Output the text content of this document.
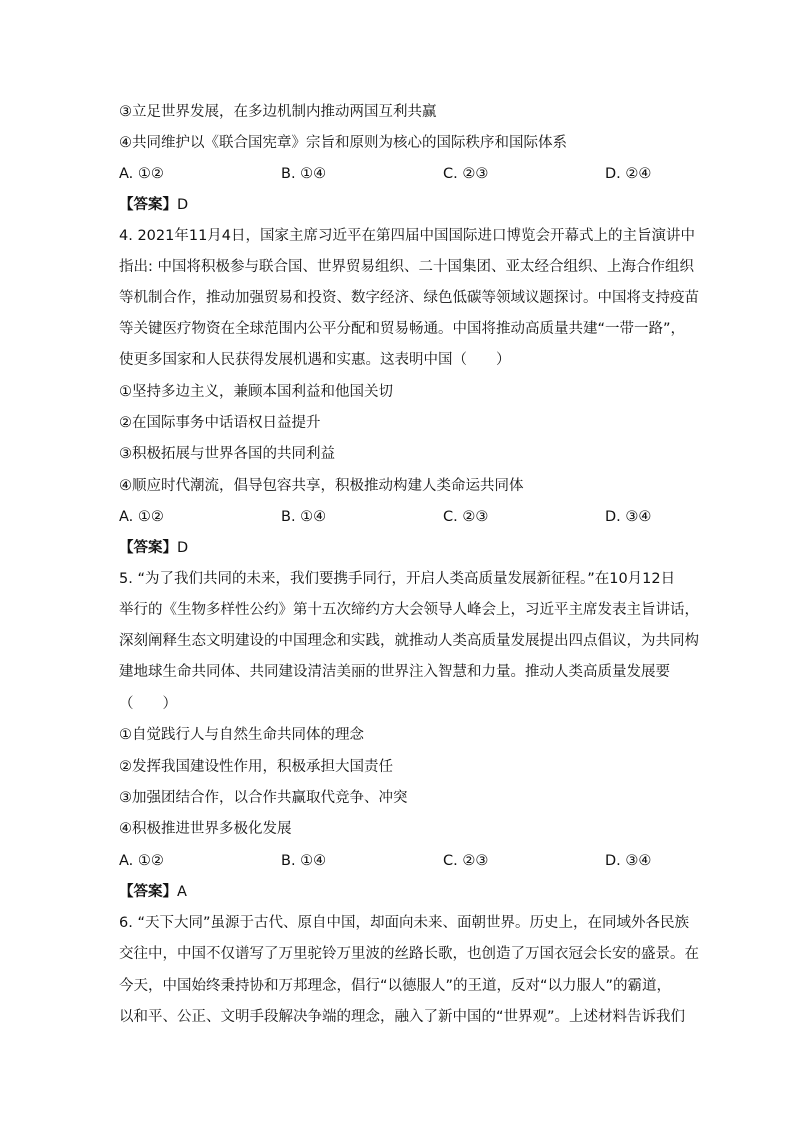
③立足世界发展，在多边机制内推动两国互利共赢
④共同维护以《联合国宪章》宗旨和原则为核心的国际秩序和国际体系
A. ①②	B. ①④	C. ②③	D. ②④
【答案】D
4. 2021年11月4日，国家主席习近平在第四届中国国际进口博览会开幕式上的主旨演讲中
指出: 中国将积极参与联合国、世界贸易组织、二十国集团、亚太经合组织、上海合作组织
等机制合作，推动加强贸易和投资、数字经济、绿色低碳等领域议题探讨。中国将支持疫苗
等关键医疗物资在全球范围内公平分配和贸易畅通。中国将推动高质量共建“一带一路”，
使更多国家和人民获得发展机遇和实惠。这表明中国（　　）
①坚持多边主义，兼顾本国利益和他国关切
②在国际事务中话语权日益提升
③积极拓展与世界各国的共同利益
④顺应时代潮流，倡导包容共享，积极推动构建人类命运共同体
A. ①②	B. ①④	C. ②③	D. ③④
【答案】D
5. “为了我们共同的未来，我们要携手同行，开启人类高质量发展新征程。”在10月12日
举行的《生物多样性公约》第十五次缔约方大会领导人峰会上，习近平主席发表主旨讲话，
深刻阐释生态文明建设的中国理念和实践，就推动人类高质量发展提出四点倡议，为共同构
建地球生命共同体、共同建设清洁美丽的世界注入智慧和力量。推动人类高质量发展要
（　　）
①自觉践行人与自然生命共同体的理念
②发挥我国建设性作用，积极承担大国责任
③加强团结合作，以合作共赢取代竞争、冲突
④积极推进世界多极化发展
A. ①②	B. ①④	C. ②③	D. ③④
【答案】A
6. “天下大同”虽源于古代、原自中国，却面向未来、面朝世界。历史上，在同域外各民族
交往中，中国不仅谱写了万里驼铃万里波的丝路长歌，也创造了万国衣冠会长安的盛景。在
今天，中国始终秉持协和万邦理念，倡行“以德服人”的王道，反对“以力服人”的霸道，
以和平、公正、文明手段解决争端的理念，融入了新中国的“世界观”。上述材料告诉我们
